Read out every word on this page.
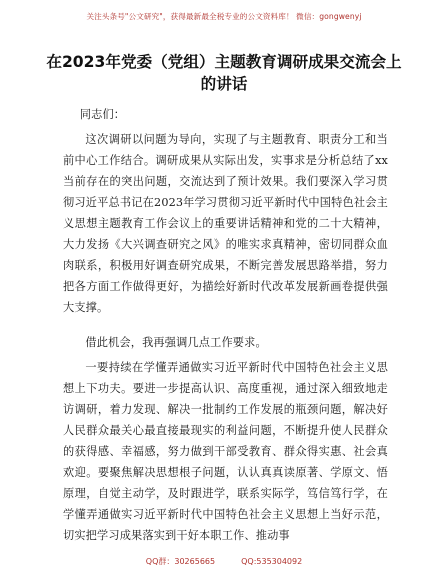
关注头条号"公文研究"，获得最新最全税专业的公文资料库！ 微信：gongwenyj
在2023年党委（党组）主题教育调研成果交流会上的讲话
同志们：
这次调研以问题为导向，实现了与主题教育、职责分工和当前中心工作结合。调研成果从实际出发，实事求是分析总结了xx当前存在的突出问题，交流达到了预计效果。我们要深入学习贯彻习近平总书记在2023年学习贯彻习近平新时代中国特色社会主义思想主题教育工作会议上的重要讲话精神和党的二十大精神，大力发扬《大兴调查研究之风》的唯实求真精神，密切同群众血肉联系，积极用好调查研究成果，不断完善发展思路举措，努力把各方面工作做得更好，为描绘好新时代改革发展新画卷提供强大支撑。
借此机会，我再强调几点工作要求。
一要持续在学懂弄通做实习近平新时代中国特色社会主义思想上下功夫。要进一步提高认识、高度重视，通过深入细致地走访调研，着力发现、解决一批制约工作发展的瓶颈问题，解决好人民群众最关心最直接最现实的利益问题，不断提升使人民群众的获得感、幸福感，努力做到干部受教育、群众得实惠、社会真欢迎。要聚焦解决思想根子问题，认认真真读原著、学原文、悟原理，自觉主动学，及时跟进学，联系实际学，笃信笃行学，在学懂弄通做实习近平新时代中国特色社会主义思想上当好示范，切实把学习成果落实到干好本职工作、推动事
QQ群：30265665	QQ:535304092
